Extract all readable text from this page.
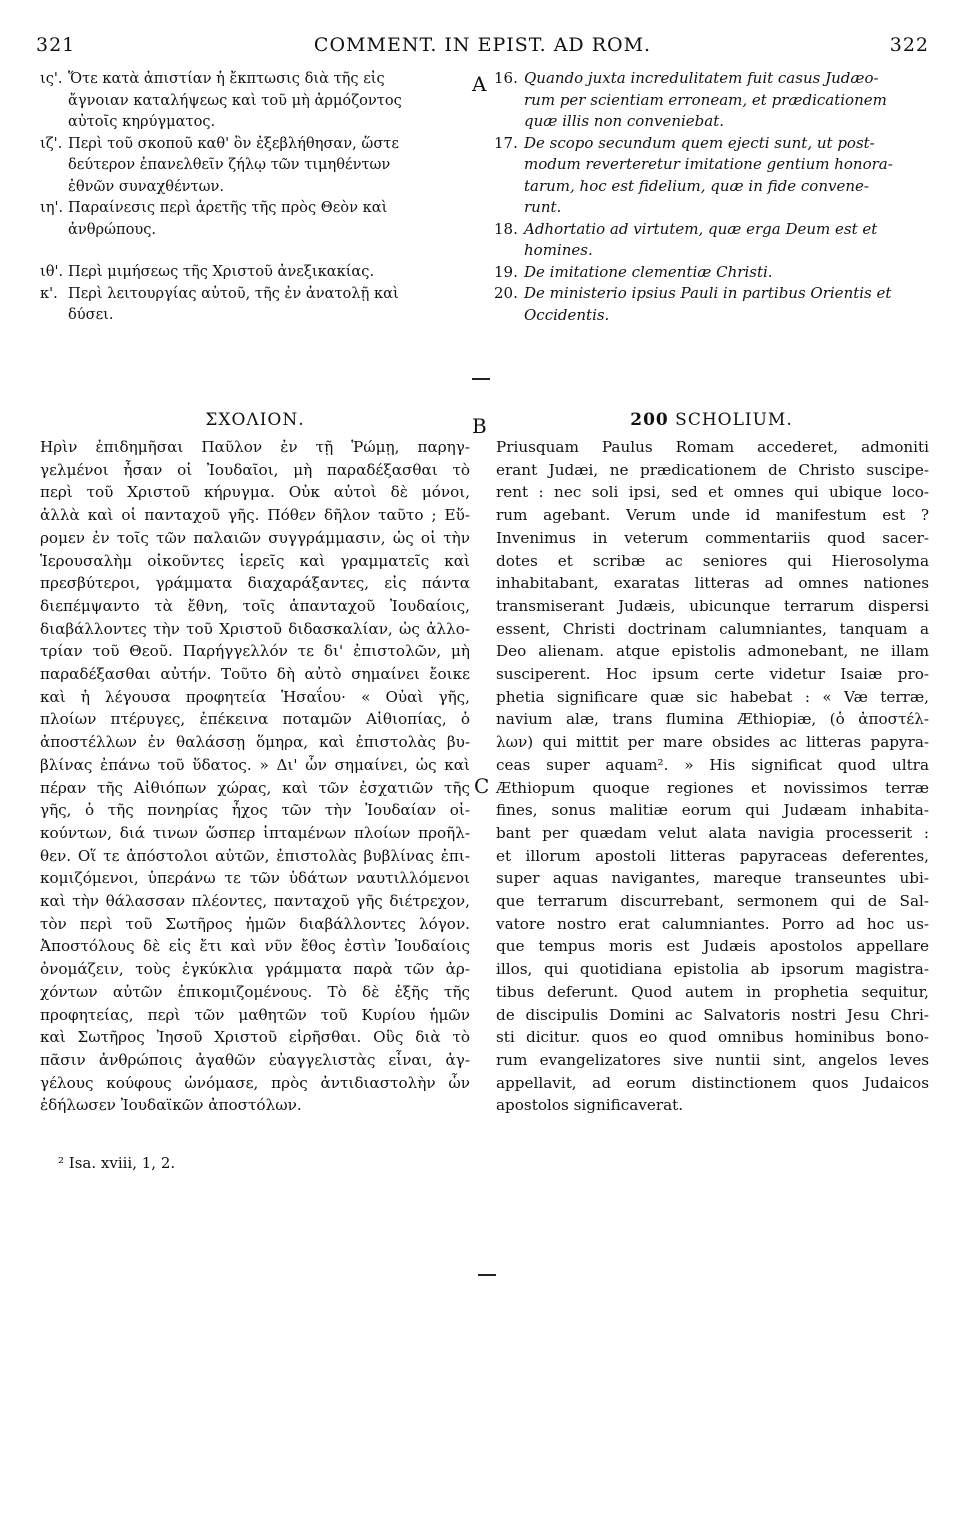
321	COMMENT. IN EPIST. AD ROM.	322
ις'. Ὅτε κατὰ ἀπιστίαν ἡ ἔκπτωσις διὰ τῆς εἰς
ἄγνοιαν καταλήψεως καὶ τοῦ μὴ ἁρμόζοντος
αὐτοῖς κηρύγματος.
ιζ'. Περὶ τοῦ σκοποῦ καθ' ὃν ἐξεβλήθησαν, ὥστε
δεύτερον ἐπανελθεῖν ζήλῳ τῶν τιμηθέντων
ἐθνῶν συναχθέντων.
ιη'. Παραίνεσις περὶ ἀρετῆς τῆς πρὸς Θεὸν καὶ
ἀνθρώπους.
ιθ'. Περὶ μιμήσεως τῆς Χριστοῦ ἀνεξικακίας.
κ'. Περὶ λειτουργίας αὐτοῦ, τῆς ἐν ἀνατολῇ καὶ
δύσει.
A 16. Quando juxta incredulitatem fuit casus Judæo-
rum per scientiam erroneam, et prædicationem
quæ illis non conveniebat.
17. De scopo secundum quem ejecti sunt, ut post-
modum reverteretur imitatione gentium honora-
tarum, hoc est fidelium, quæ in fide convene-
runt.
18. Adhortatio ad virtutem, quæ erga Deum est et
homines.
19. De imitatione clementiæ Christi.
20. De ministerio ipsius Pauli in partibus Orientis et
Occidentis.
ΣΧΟΛΙΟΝ.	B	200 SCHOLIUM.
Ηρὶν ἐπιδημῆσαι Παῦλον ἐν τῇ Ῥώμῃ, παρηγ-
γελμένοι ἦσαν οἱ Ἰουδαῖοι, μὴ παραδέξασθαι τὸ
περὶ τοῦ Χριστοῦ κήρυγμα. Οὐκ αὐτοὶ δὲ μόνοι,
ἀλλὰ καὶ οἱ πανταχοῦ γῆς. Πόθεν δῆλον ταῦτο ; Εὕ-
ρομεν ἐν τοῖς τῶν παλαιῶν συγγράμμασιν, ὡς οἱ τὴν
Ἱερουσαλὴμ οἰκοῦντες ἱερεῖς καὶ γραμματεῖς καὶ
πρεσβύτεροι, γράμματα διαχαράξαντες, εἰς πάντα
διεπέμψαντο τὰ ἔθνη, τοῖς ἁπανταχοῦ Ἰουδαίοις,
διαβάλλοντες τὴν τοῦ Χριστοῦ διδασκαλίαν, ὡς ἀλλο-
τρίαν τοῦ Θεοῦ. Παρήγγελλόν τε δι' ἐπιστολῶν, μὴ
παραδέξασθαι αὐτήν. Τοῦτο δὴ αὐτὸ σημαίνει ἔοικε
καὶ ἡ λέγουσα προφητεία Ἡσαΐου· « Οὐαὶ γῆς,
πλοίων πτέρυγες, ἐπέκεινα ποταμῶν Αἰθιοπίας, ὁ
ἀποστέλλων ἐν θαλάσσῃ ὅμηρα, καὶ ἐπιστολὰς βυ-
βλίνας ἐπάνω τοῦ ὕδατος. » Δι' ὧν σημαίνει, ὡς καὶ
πέραν τῆς Αἰθιόπων χώρας, καὶ τῶν ἐσχατιῶν τῆς
γῆς, ὁ τῆς πονηρίας ἦχος τῶν τὴν Ἰουδαίαν οἰ-
κούντων, διά τινων ὥσπερ ἱπταμένων πλοίων προῆλ-
θεν. Οἵ τε ἀπόστολοι αὐτῶν, ἐπιστολὰς βυβλίνας ἐπι-
κομιζόμενοι, ὑπεράνω τε τῶν ὑδάτων ναυτιλλόμενοι
καὶ τὴν θάλασσαν πλέοντες, πανταχοῦ γῆς διέτρεχον,
τὸν περὶ τοῦ Σωτῆρος ἡμῶν διαβάλλοντες λόγον.
Ἀποστόλους δὲ εἰς ἔτι καὶ νῦν ἔθος ἐστὶν Ἰουδαίοις
ὀνομάζειν, τοὺς ἐγκύκλια γράμματα παρὰ τῶν ἀρ-
χόντων αὐτῶν ἐπικομιζομένους. Τὸ δὲ ἑξῆς τῆς
προφητείας, περὶ τῶν μαθητῶν τοῦ Κυρίου ἡμῶν
καὶ Σωτῆρος Ἰησοῦ Χριστοῦ εἰρῆσθαι. Οὓς διὰ τὸ
πᾶσιν ἀνθρώποις ἀγαθῶν εὐαγγελιστὰς εἶναι, ἀγ-
γέλους κούφους ὠνόμασε, πρὸς ἀντιδιαστολὴν ὧν
ἐδήλωσεν Ἰουδαϊκῶν ἀποστόλων.
C
Priusquam Paulus Romam accederet, admoniti
erant Judæi, ne prædicationem de Christo suscipe-
rent : nec soli ipsi, sed et omnes qui ubique loco-
rum agebant. Verum unde id manifestum est ?
Invenimus in veterum commentariis quod sacer-
dotes et scribæ ac seniores qui Hierosolyma
inhabitabant, exaratas litteras ad omnes nationes
transmiserant Judæis, ubicunque terrarum dispersi
essent, Christi doctrinam calumniantes, tanquam a
Deo alienam. atque epistolis admonebant, ne illam
susciperent. Hoc ipsum certe videtur Isaiæ pro-
phetia significare quæ sic habebat : « Væ terræ,
navium alæ, trans flumina Æthiopiæ, (ὁ ἀποστέλ-
λων) qui mittit per mare obsides ac litteras papyra-
ceas super aquam². » His significat quod ultra
Æthiopum quoque regiones et novissimos terræ
fines, sonus malitiæ eorum qui Judæam inhabita-
bant per quædam velut alata navigia processerit :
et illorum apostoli litteras papyraceas deferentes,
super aquas navigantes, mareque transeuntes ubi-
que terrarum discurrebant, sermonem qui de Sal-
vatore nostro erat calumniantes. Porro ad hoc us-
que tempus moris est Judæis apostolos appellare
illos, qui quotidiana epistolia ab ipsorum magistra-
tibus deferunt. Quod autem in prophetia sequitur,
de discipulis Domini ac Salvatoris nostri Jesu Chri-
sti dicitur. quos eo quod omnibus hominibus bono-
rum evangelizatores sive nuntii sint, angelos leves
appellavit, ad eorum distinctionem quos Judaicos
apostolos significaverat.
² Isa. xviii, 1, 2.
